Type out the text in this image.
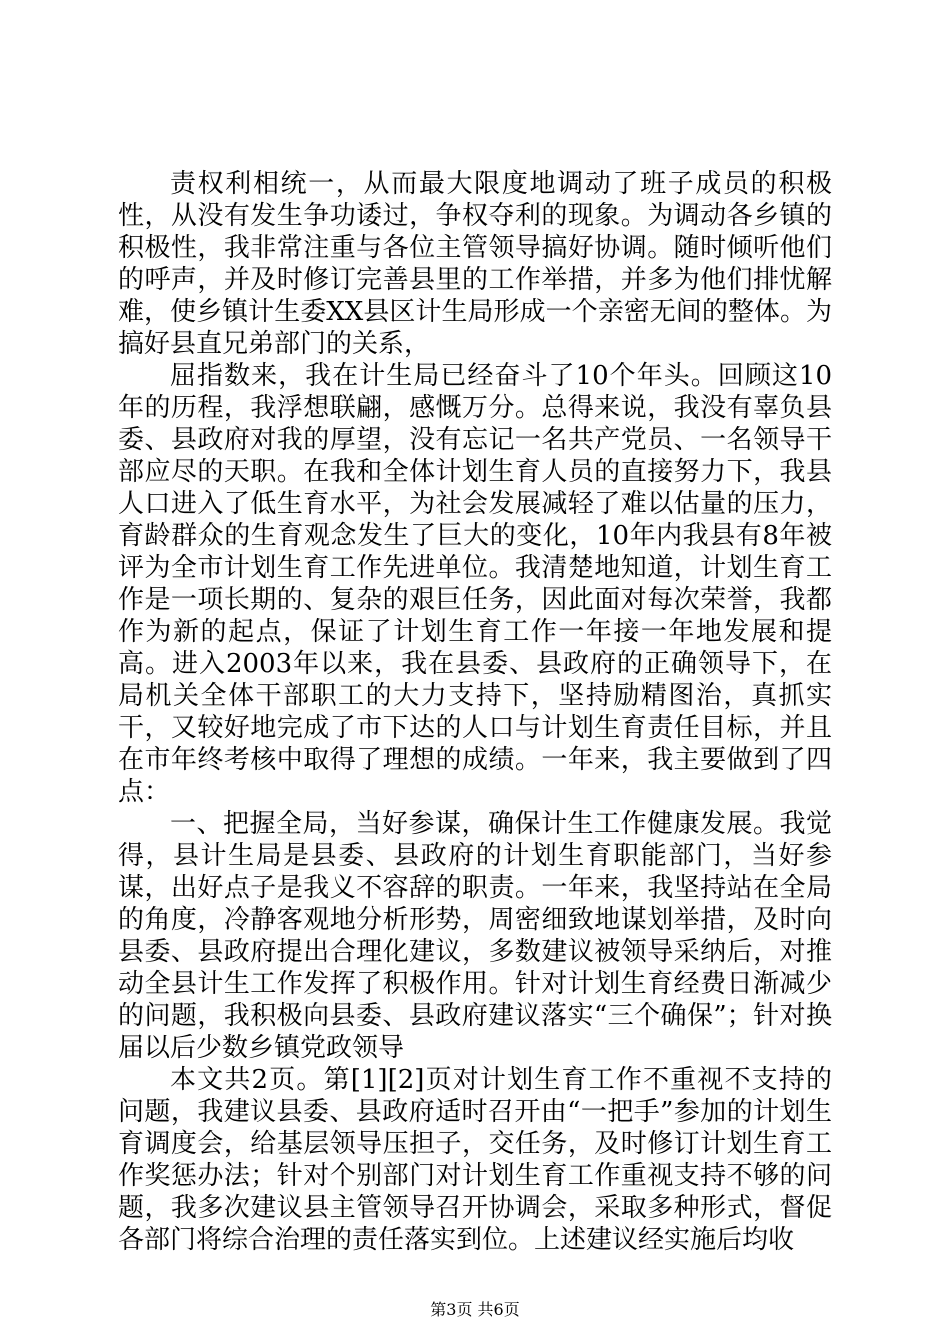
责权利相统一，从而最大限度地调动了班子成员的积极性，从没有发生争功诿过，争权夺利的现象。为调动各乡镇的积极性，我非常注重与各位主管领导搞好协调。随时倾听他们的呼声，并及时修订完善县里的工作举措，并多为他们排忧解难，使乡镇计生委XX县区计生局形成一个亲密无间的整体。为搞好县直兄弟部门的关系，

屈指数来，我在计生局已经奋斗了10个年头。回顾这10年的历程，我浮想联翩，感慨万分。总得来说，我没有辜负县委、县政府对我的厚望，没有忘记一名共产党员、一名领导干部应尽的天职。在我和全体计划生育人员的直接努力下，我县人口进入了低生育水平，为社会发展减轻了难以估量的压力，育龄群众的生育观念发生了巨大的变化，10年内我县有8年被评为全市计划生育工作先进单位。我清楚地知道，计划生育工作是一项长期的、复杂的艰巨任务，因此面对每次荣誉，我都作为新的起点，保证了计划生育工作一年接一年地发展和提高。进入2003年以来，我在县委、县政府的正确领导下，在局机关全体干部职工的大力支持下，坚持励精图治，真抓实干，又较好地完成了市下达的人口与计划生育责任目标，并且在市年终考核中取得了理想的成绩。一年来，我主要做到了四点：

一、把握全局，当好参谋，确保计生工作健康发展。我觉得，县计生局是县委、县政府的计划生育职能部门，当好参谋，出好点子是我义不容辞的职责。一年来，我坚持站在全局的角度，冷静客观地分析形势，周密细致地谋划举措，及时向县委、县政府提出合理化建议，多数建议被领导采纳后，对推动全县计生工作发挥了积极作用。针对计划生育经费日渐减少的问题，我积极向县委、县政府建议落实“三个确保”；针对换届以后少数乡镇党政领导

本文共2页。第[1][2]页对计划生育工作不重视不支持的问题，我建议县委、县政府适时召开由“一把手”参加的计划生育调度会，给基层领导压担子，交任务，及时修订计划生育工作奖惩办法；针对个别部门对计划生育工作重视支持不够的问题，我多次建议县主管领导召开协调会，采取多种形式，督促各部门将综合治理的责任落实到位。上述建议经实施后均收

第3页 共6页
